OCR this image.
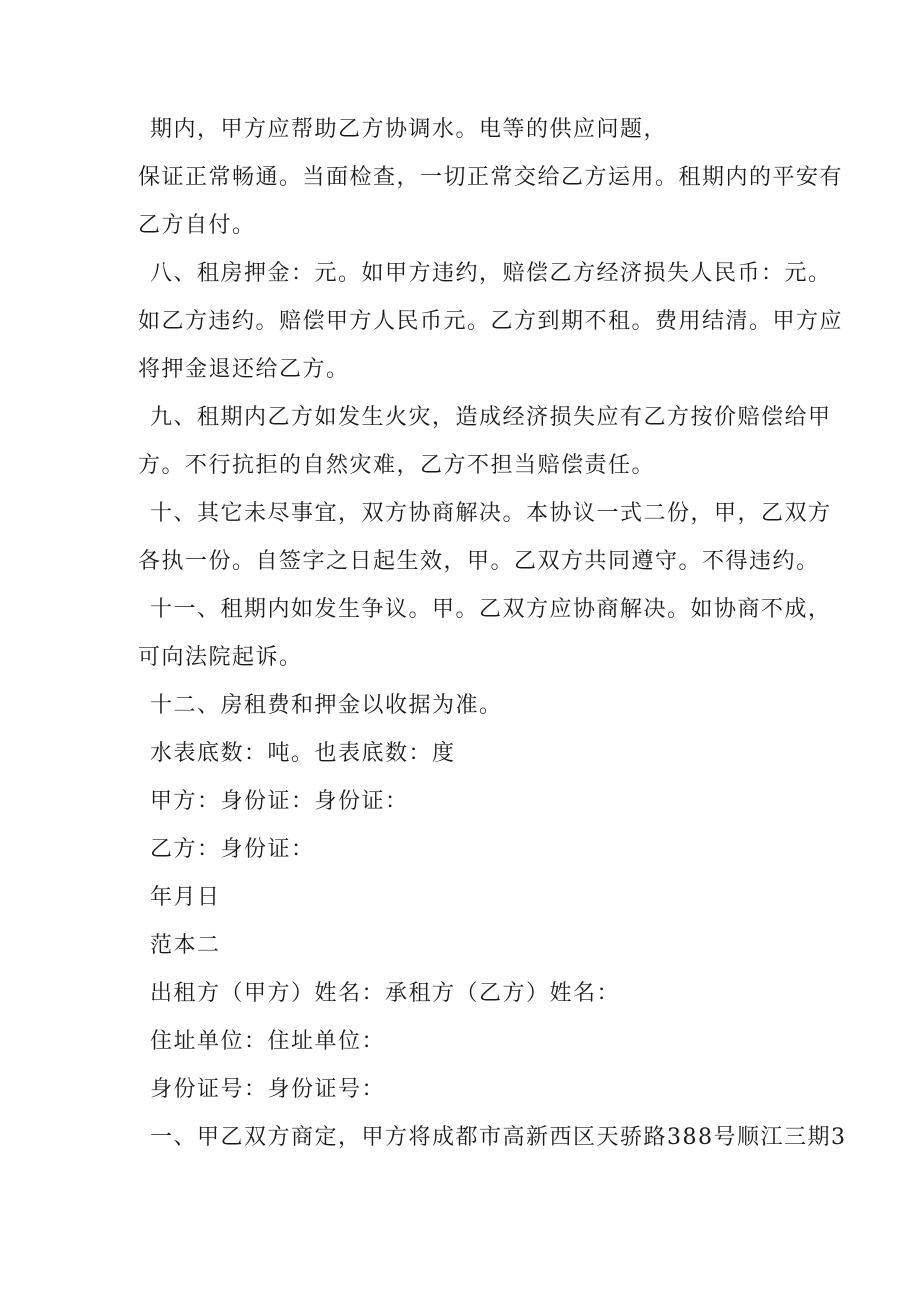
期内，甲方应帮助乙方协调水。电等的供应问题，
保证正常畅通。当面检查，一切正常交给乙方运用。租期内的平安有
乙方自付。
八、租房押金：元。如甲方违约，赔偿乙方经济损失人民币：元。
如乙方违约。赔偿甲方人民币元。乙方到期不租。费用结清。甲方应
将押金退还给乙方。
九、租期内乙方如发生火灾，造成经济损失应有乙方按价赔偿给甲
方。不行抗拒的自然灾难，乙方不担当赔偿责任。
十、其它未尽事宜，双方协商解决。本协议一式二份，甲，乙双方
各执一份。自签字之日起生效，甲。乙双方共同遵守。不得违约。
十一、租期内如发生争议。甲。乙双方应协商解决。如协商不成，
可向法院起诉。
十二、房租费和押金以收据为准。
水表底数：吨。也表底数：度
甲方：身份证：身份证：
乙方：身份证：
年月日
范本二
出租方（甲方）姓名：承租方（乙方）姓名：
住址单位：住址单位：
身份证号：身份证号：
一、甲乙双方商定，甲方将成都市高新西区天骄路388号顺江三期3
